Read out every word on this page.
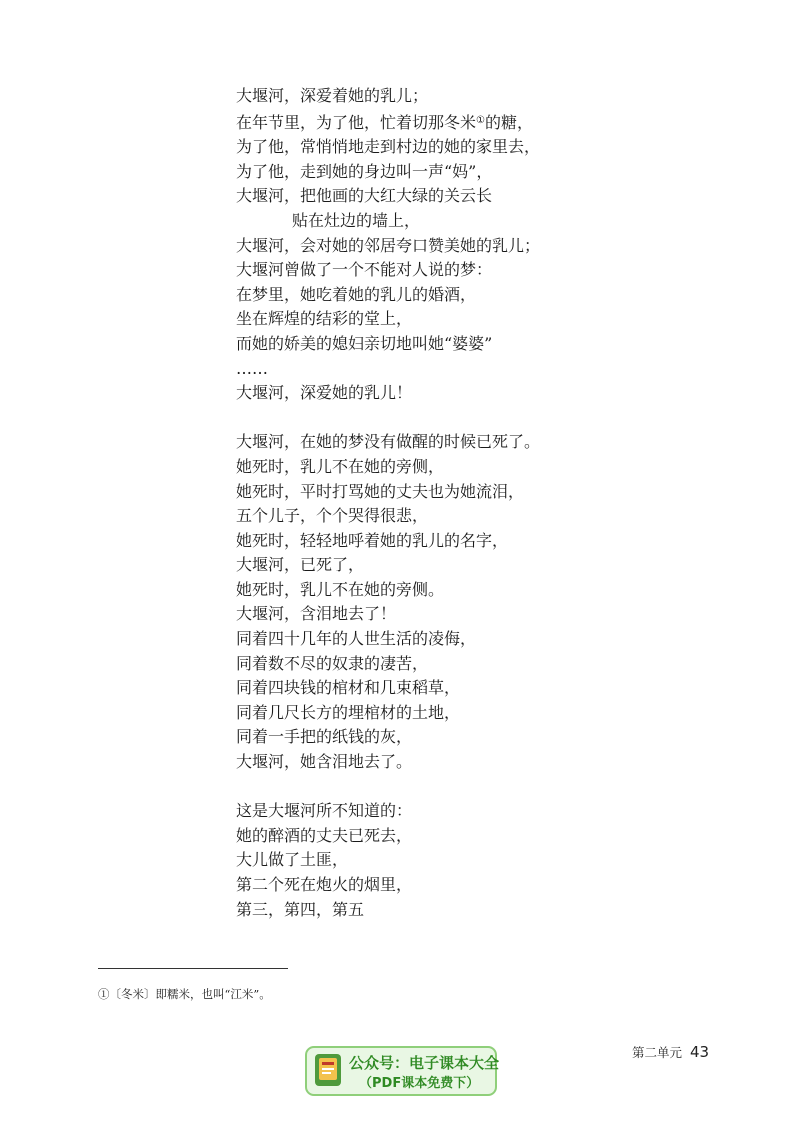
大堰河，深爱着她的乳儿；
在年节里，为了他，忙着切那冬米①的糖，
为了他，常悄悄地走到村边的她的家里去，
为了他，走到她的身边叫一声“妈”，
大堰河，把他画的大红大绿的关云长
贴在灶边的墙上，
大堰河，会对她的邻居夸口赞美她的乳儿；
大堰河曾做了一个不能对人说的梦：
在梦里，她吃着她的乳儿的婚酒，
坐在辉煌的结彩的堂上，
而她的娇美的媳妇亲切地叫她“婆婆”
……
大堰河，深爱她的乳儿！
大堰河，在她的梦没有做醒的时候已死了。
她死时，乳儿不在她的旁侧，
她死时，平时打骂她的丈夫也为她流泪，
五个儿子，个个哭得很悲，
她死时，轻轻地呼着她的乳儿的名字，
大堰河，已死了，
她死时，乳儿不在她的旁侧。
大堰河，含泪地去了！
同着四十几年的人世生活的凌侮，
同着数不尽的奴隶的凄苦，
同着四块钱的棺材和几束稻草，
同着几尺长方的埋棺材的土地，
同着一手把的纸钱的灰，
大堰河，她含泪地去了。
这是大堰河所不知道的：
她的醉酒的丈夫已死去，
大儿做了土匪，
第二个死在炮火的烟里，
第三，第四，第五
①〔冬米〕即糯米，也叫“江米”。
第二单元 43
公众号：电子课本大全
（PDF课本免费下）
